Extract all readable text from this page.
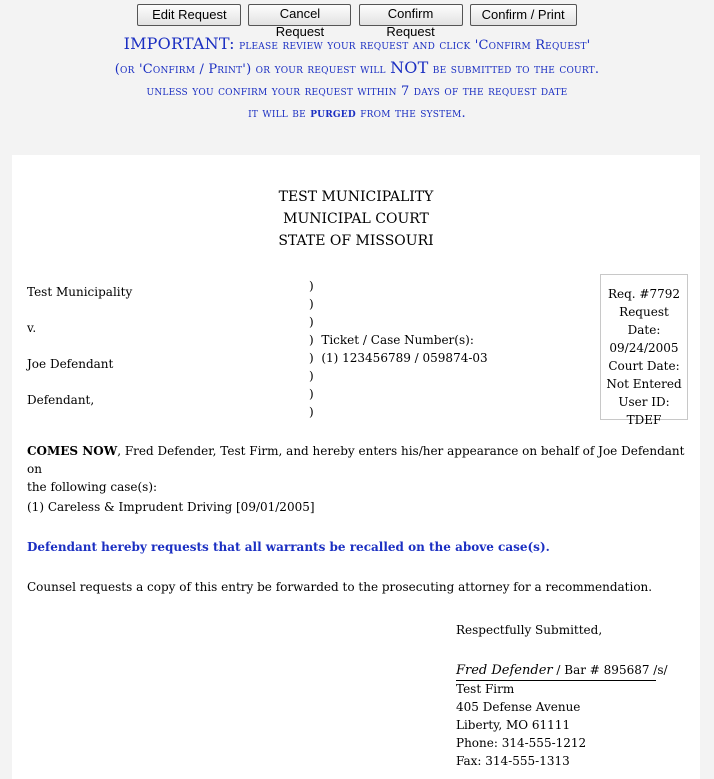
Edit Request	Cancel Request Confirm Request Confirm / Print
IMPORTANT: please review your request and click 'Confirm Request'
(or 'Confirm / Print') or your request will NOT be submitted to the court.
unless you confirm your request within 7 days of the request date
it will be purged from the system.
TEST MUNICIPALITY
MUNICIPAL COURT
STATE OF MISSOURI
Test Municipality
v.
Joe Defendant
Defendant,
)
)
)
) Ticket / Case Number(s):
) (1) 123456789 / 059874-03
)
)
)
Req. #7792
Request Date:
09/24/2005
Court Date:
Not Entered
User ID:
TDEF
COMES NOW, Fred Defender, Test Firm, and hereby enters his/her appearance on behalf of Joe Defendant on
the following case(s):
(1) Careless & Imprudent Driving [09/01/2005]
Defendant hereby requests that all warrants be recalled on the above case(s).
Counsel requests a copy of this entry be forwarded to the prosecuting attorney for a recommendation.
Respectfully Submitted,
Fred Defender / Bar # 895687 /s/
Test Firm
405 Defense Avenue
Liberty, MO 61111
Phone: 314-555-1212
Fax: 314-555-1313
